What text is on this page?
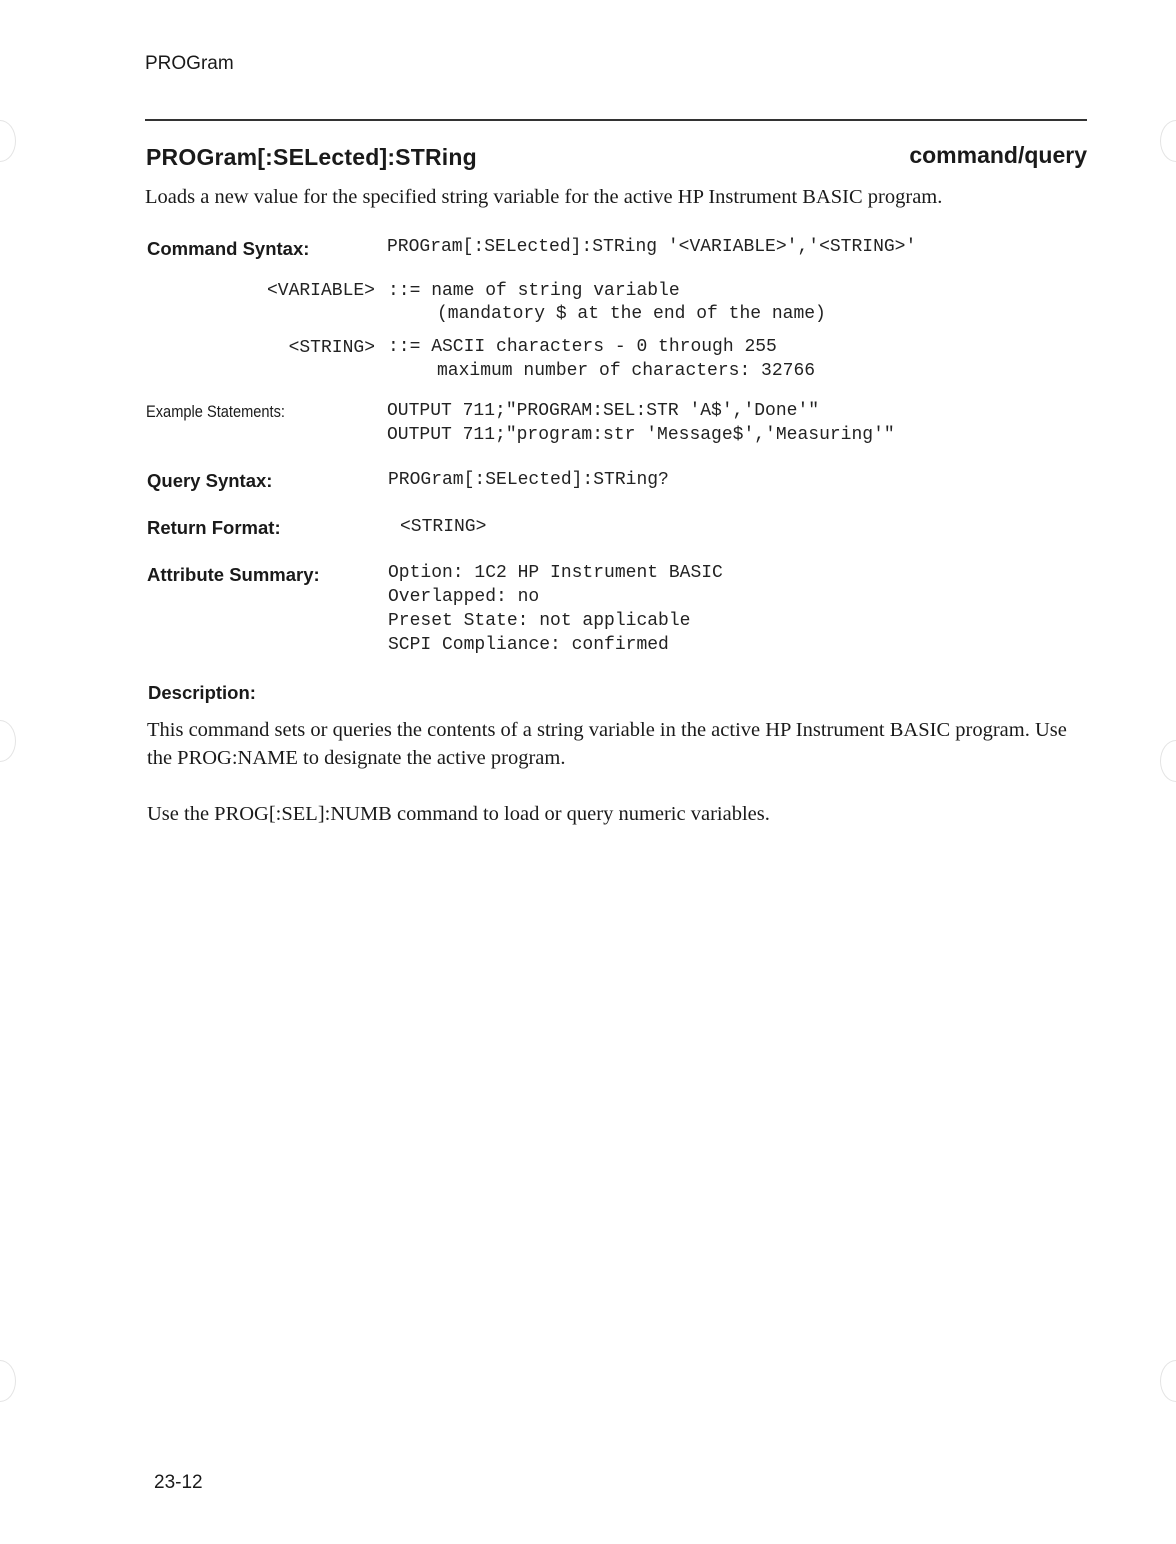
PROGram
PROGram[:SELected]:STRing	command/query
Loads a new value for the specified string variable for the active HP Instrument BASIC program.
Command Syntax:	PROGram[:SELected]:STRing '<VARIABLE>','<STRING>'
<VARIABLE> ::= name of string variable
(mandatory $ at the end of the name)
<STRING> ::= ASCII characters - 0 through 255
maximum number of characters: 32766
Example Statements:	OUTPUT 711;"PROGRAM:SEL:STR 'A$','Done'"
OUTPUT 711;"program:str 'Message$','Measuring'"
Query Syntax:	PROGram[:SELected]:STRing?
Return Format:	<STRING>
Attribute Summary:	Option: 1C2 HP Instrument BASIC
Overlapped: no
Preset State: not applicable
SCPI Compliance: confirmed
Description:
This command sets or queries the contents of a string variable in the active HP Instrument BASIC program. Use the PROG:NAME to designate the active program.
Use the PROG[:SEL]:NUMB command to load or query numeric variables.
23-12
